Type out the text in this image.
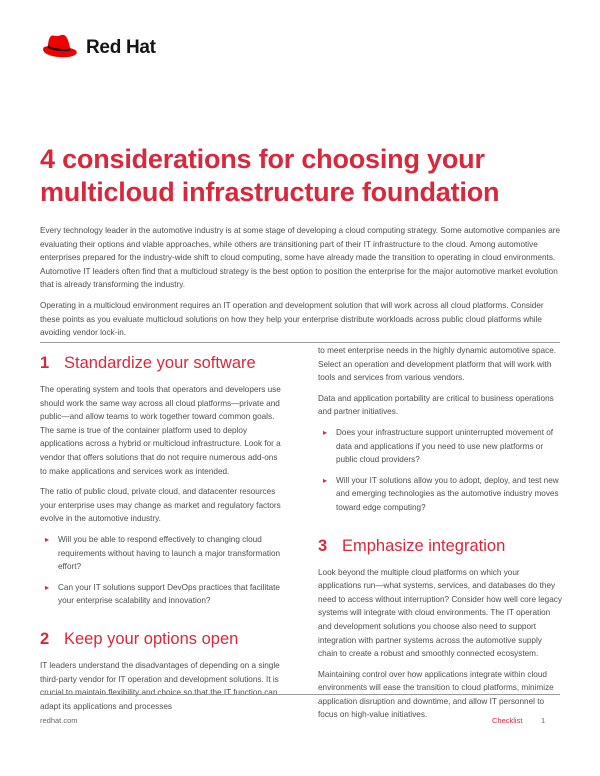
Red Hat
4 considerations for choosing your multicloud infrastructure foundation

Every technology leader in the automotive industry is at some stage of developing a cloud computing strategy. Some automotive companies are evaluating their options and viable approaches, while others are transitioning part of their IT infrastructure to the cloud. Among automotive enterprises prepared for the industry-wide shift to cloud computing, some have already made the transition to operating in cloud environments. Automotive IT leaders often find that a multicloud strategy is the best option to position the enterprise for the major automotive market evolution that is already transforming the industry.

Operating in a multicloud environment requires an IT operation and development solution that will work across all cloud platforms. Consider these points as you evaluate multicloud solutions on how they help your enterprise distribute workloads across public cloud platforms while avoiding vendor lock-in.

1 Standardize your software

The operating system and tools that operators and developers use should work the same way across all cloud platforms—private and public—and allow teams to work together toward common goals. The same is true of the container platform used to deploy applications across a hybrid or multicloud infrastructure. Look for a vendor that offers solutions that do not require numerous add-ons to make applications and services work as intended.

The ratio of public cloud, private cloud, and datacenter resources your enterprise uses may change as market and regulatory factors evolve in the automotive industry.

▸ Will you be able to respond effectively to changing cloud requirements without having to launch a major transformation effort?
▸ Can your IT solutions support DevOps practices that facilitate your enterprise scalability and innovation?
2 Keep your options open

IT leaders understand the disadvantages of depending on a single third-party vendor for IT operation and development solutions. It is crucial to maintain flexibility and choice so that the IT function can adapt its applications and processes

to meet enterprise needs in the highly dynamic automotive space. Select an operation and development platform that will work with tools and services from various vendors.

Data and application portability are critical to business operations and partner initiatives.

▸ Does your infrastructure support uninterrupted movement of data and applications if you need to use new platforms or public cloud providers?
▸ Will your IT solutions allow you to adopt, deploy, and test new and emerging technologies as the automotive industry moves toward edge computing?
3 Emphasize integration

Look beyond the multiple cloud platforms on which your applications run—what systems, services, and databases do they need to access without interruption? Consider how well core legacy systems will integrate with cloud environments. The IT operation and development solutions you choose also need to support integration with partner systems across the automotive supply chain to create a robust and smoothly connected ecosystem.

Maintaining control over how applications integrate within cloud environments will ease the transition to cloud platforms, minimize application disruption and downtime, and allow IT personnel to focus on high-value initiatives.

redhat.com	Checklist 1
